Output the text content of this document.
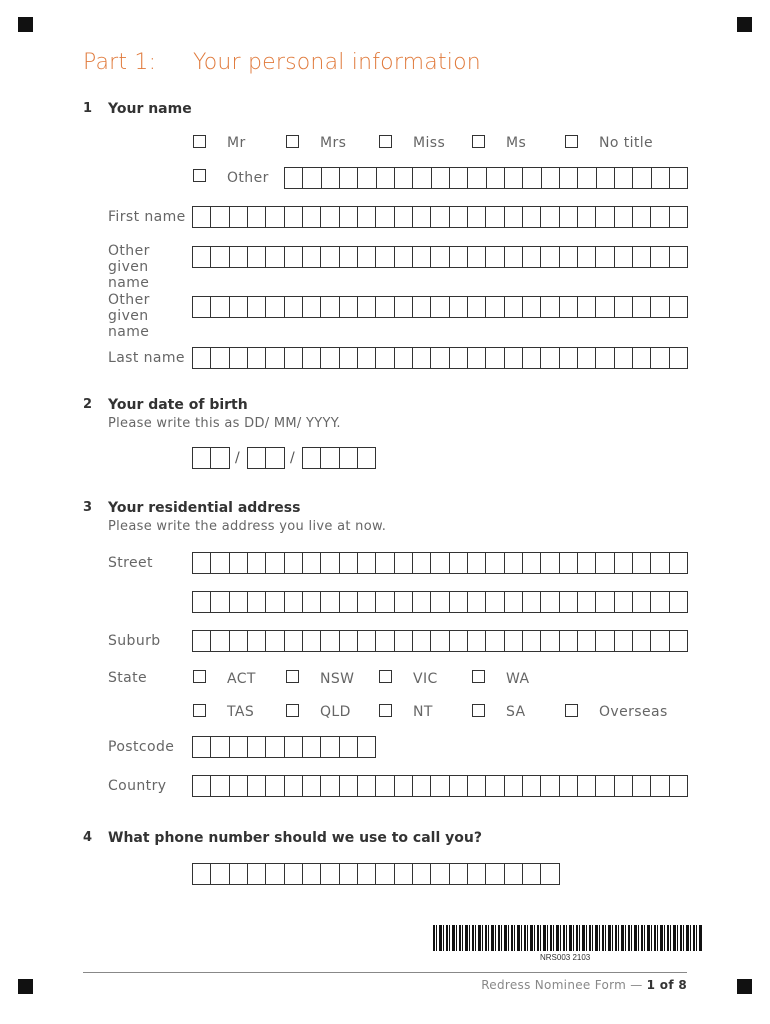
Part 1: Your personal information
1 Your name
Mr	Mrs	Miss	Ms	No title
Other
First name
Other
given
name
Other
given
name
Last name
2 Your date of birth
Please write this as DD/ MM/ YYYY.
/	/
3 Your residential address
Please write the address you live at now.
Street
Suburb
State	ACT	NSW	VIC	WA
TAS	QLD	NT	SA	Overseas
Postcode
Country
4 What phone number should we use to call you?
NRS003 2103
Redress Nominee Form — 1 of 8
